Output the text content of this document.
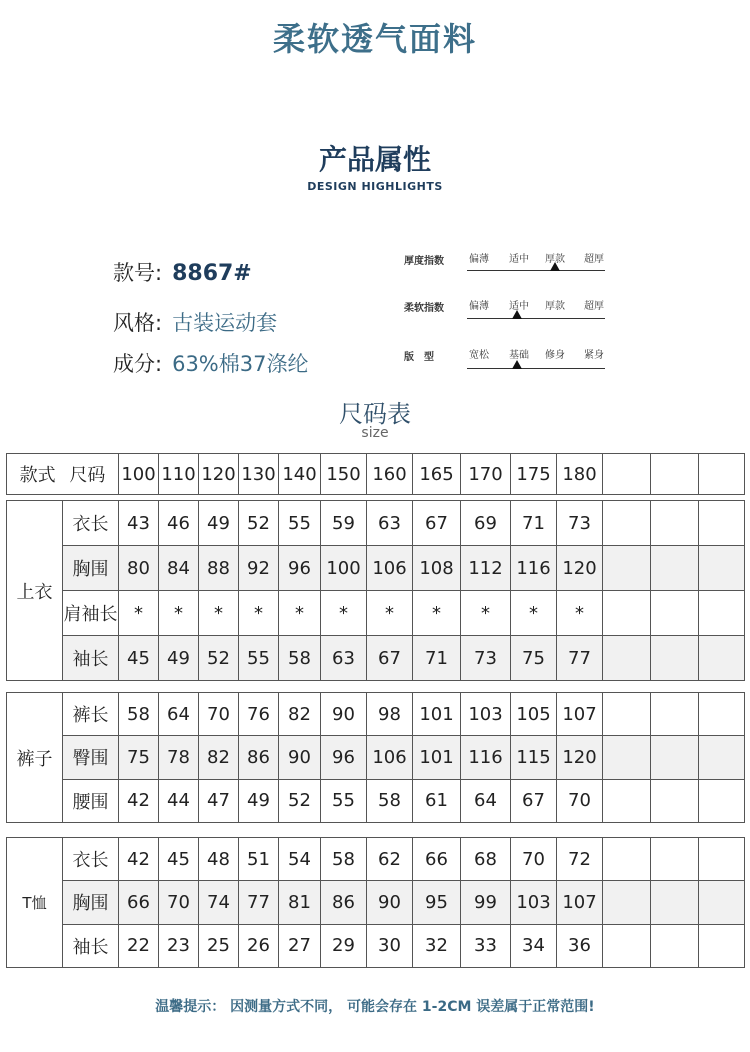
柔软透气面料
产品属性
DESIGN HIGHLIGHTS
款号: 8867#
风格: 古装运动套
成分: 63%棉37涤纶
厚度指数	偏薄	适中	厚款	超厚
柔软指数	偏薄	适中	厚款	超厚
版　型	宽松	基础	修身	紧身
尺码表
size
款式 尺码	100	110	120	130	140	150	160	165	170	175	180			
上衣	衣长	43	46	49	52	55	59	63	67	69	71	73			
	胸围	80	84	88	92	96	100	106	108	112	116	120			
	肩袖长	*	*	*	*	*	*	*	*	*	*	*			
	袖长	45	49	52	55	58	63	67	71	73	75	77			
裤子	裤长	58	64	70	76	82	90	98	101	103	105	107			
	臀围	75	78	82	86	90	96	106	101	116	115	120			
	腰围	42	44	47	49	52	55	58	61	64	67	70			
T恤	衣长	42	45	48	51	54	58	62	66	68	70	72			
	胸围	66	70	74	77	81	86	90	95	99	103	107			
	袖长	22	23	25	26	27	29	30	32	33	34	36			
温馨提示： 因测量方式不同， 可能会存在 1-2CM 误差属于正常范围!
